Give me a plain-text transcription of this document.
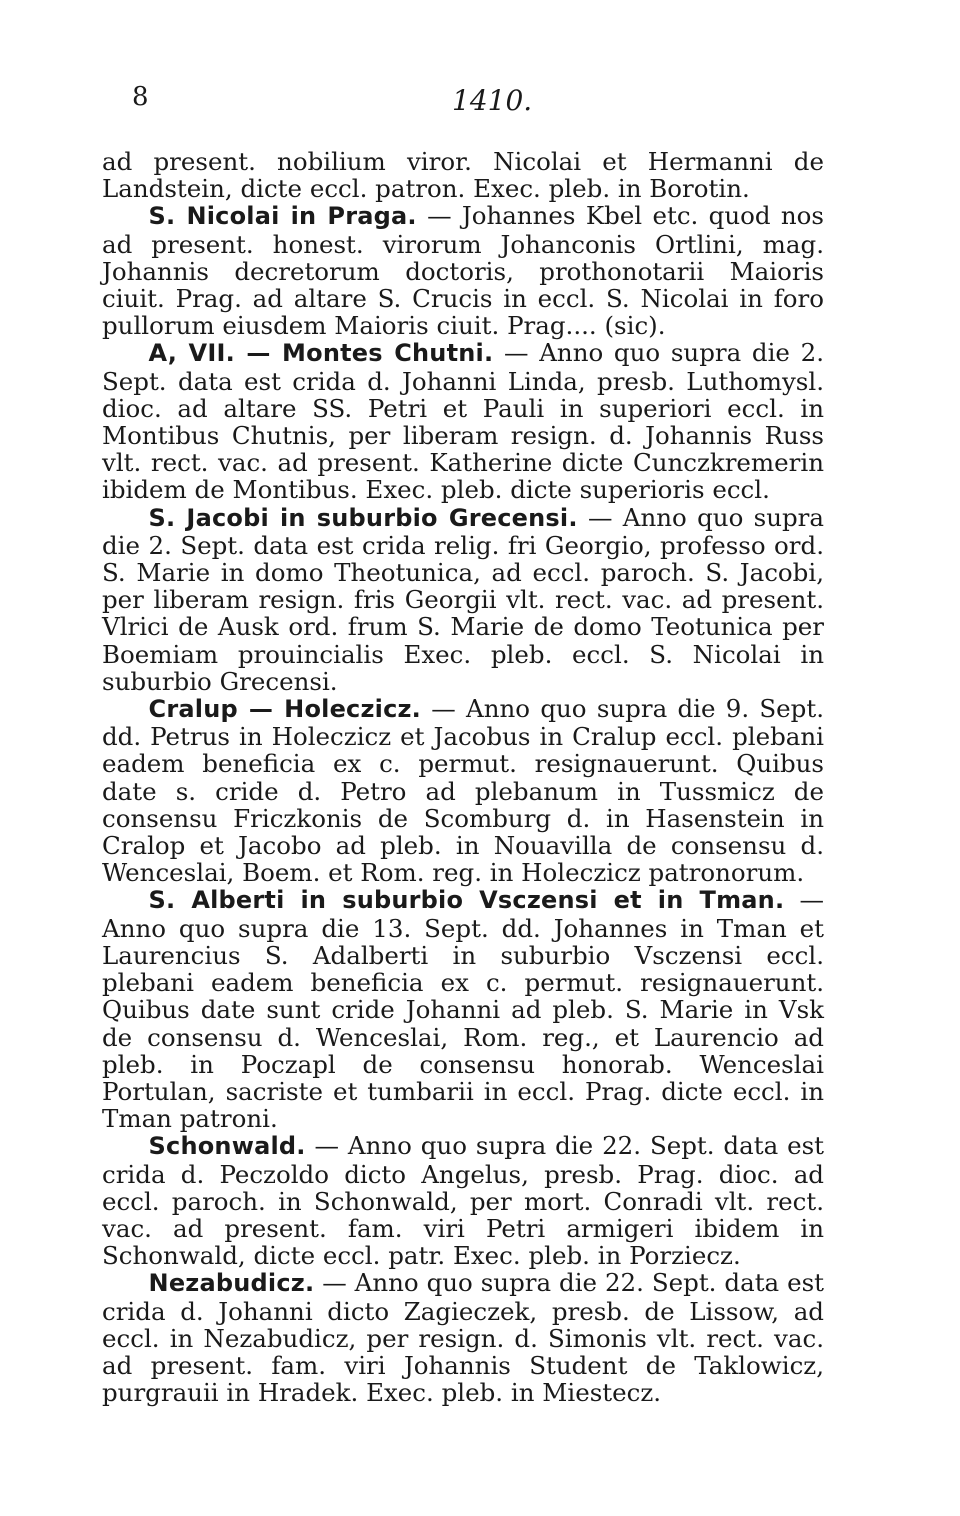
8	1410.

ad present. nobilium viror. Nicolai et Hermanni de Landstein, dicte eccl. patron. Exec. pleb. in Borotin.

S. Nicolai in Praga. — Johannes Kbel etc. quod nos ad present. honest. virorum Johanconis Ortlini, mag. Johannis decretorum doctoris, prothonotarii Maioris ciuit. Prag. ad altare S. Crucis in eccl. S. Nicolai in foro pullorum eiusdem Maioris ciuit. Prag.... (sic).

A, VII. — Montes Chutni. — Anno quo supra die 2. Sept. data est crida d. Johanni Linda, presb. Luthomysl. dioc. ad altare SS. Petri et Pauli in superiori eccl. in Montibus Chutnis, per liberam resign. d. Johannis Russ vlt. rect. vac. ad present. Katherine dicte Cunczkremerin ibidem de Montibus. Exec. pleb. dicte superioris eccl.

S. Jacobi in suburbio Grecensi. — Anno quo supra die 2. Sept. data est crida relig. fri Georgio, professo ord. S. Marie in domo Theotunica, ad eccl. paroch. S. Jacobi, per liberam resign. fris Georgii vlt. rect. vac. ad present. Vlrici de Ausk ord. frum S. Marie de domo Teotunica per Boemiam prouincialis Exec. pleb. eccl. S. Nicolai in suburbio Grecensi.

Cralup — Holeczicz. — Anno quo supra die 9. Sept. dd. Petrus in Holeczicz et Jacobus in Cralup eccl. plebani eadem beneficia ex c. permut. resignauerunt. Quibus date s. cride d. Petro ad plebanum in Tussmicz de consensu Friczkonis de Scomburg d. in Hasenstein in Cralop et Jacobo ad pleb. in Nouavilla de consensu d. Wenceslai, Boem. et Rom. reg. in Holeczicz patronorum.

S. Alberti in suburbio Vsczensi et in Tman. — Anno quo supra die 13. Sept. dd. Johannes in Tman et Laurencius S. Adalberti in suburbio Vsczensi eccl. plebani eadem beneficia ex c. permut. resignauerunt. Quibus date sunt cride Johanni ad pleb. S. Marie in Vsk de consensu d. Wenceslai, Rom. reg., et Laurencio ad pleb. in Poczapl de consensu honorab. Wenceslai Portulan, sacriste et tumbarii in eccl. Prag. dicte eccl. in Tman patroni.

Schonwald. — Anno quo supra die 22. Sept. data est crida d. Peczoldo dicto Angelus, presb. Prag. dioc. ad eccl. paroch. in Schonwald, per mort. Conradi vlt. rect. vac. ad present. fam. viri Petri armigeri ibidem in Schonwald, dicte eccl. patr. Exec. pleb. in Porziecz.

Nezabudicz. — Anno quo supra die 22. Sept. data est crida d. Johanni dicto Zagieczek, presb. de Lissow, ad eccl. in Nezabudicz, per resign. d. Simonis vlt. rect. vac. ad present. fam. viri Johannis Student de Taklowicz, purgrauii in Hradek. Exec. pleb. in Miestecz.
